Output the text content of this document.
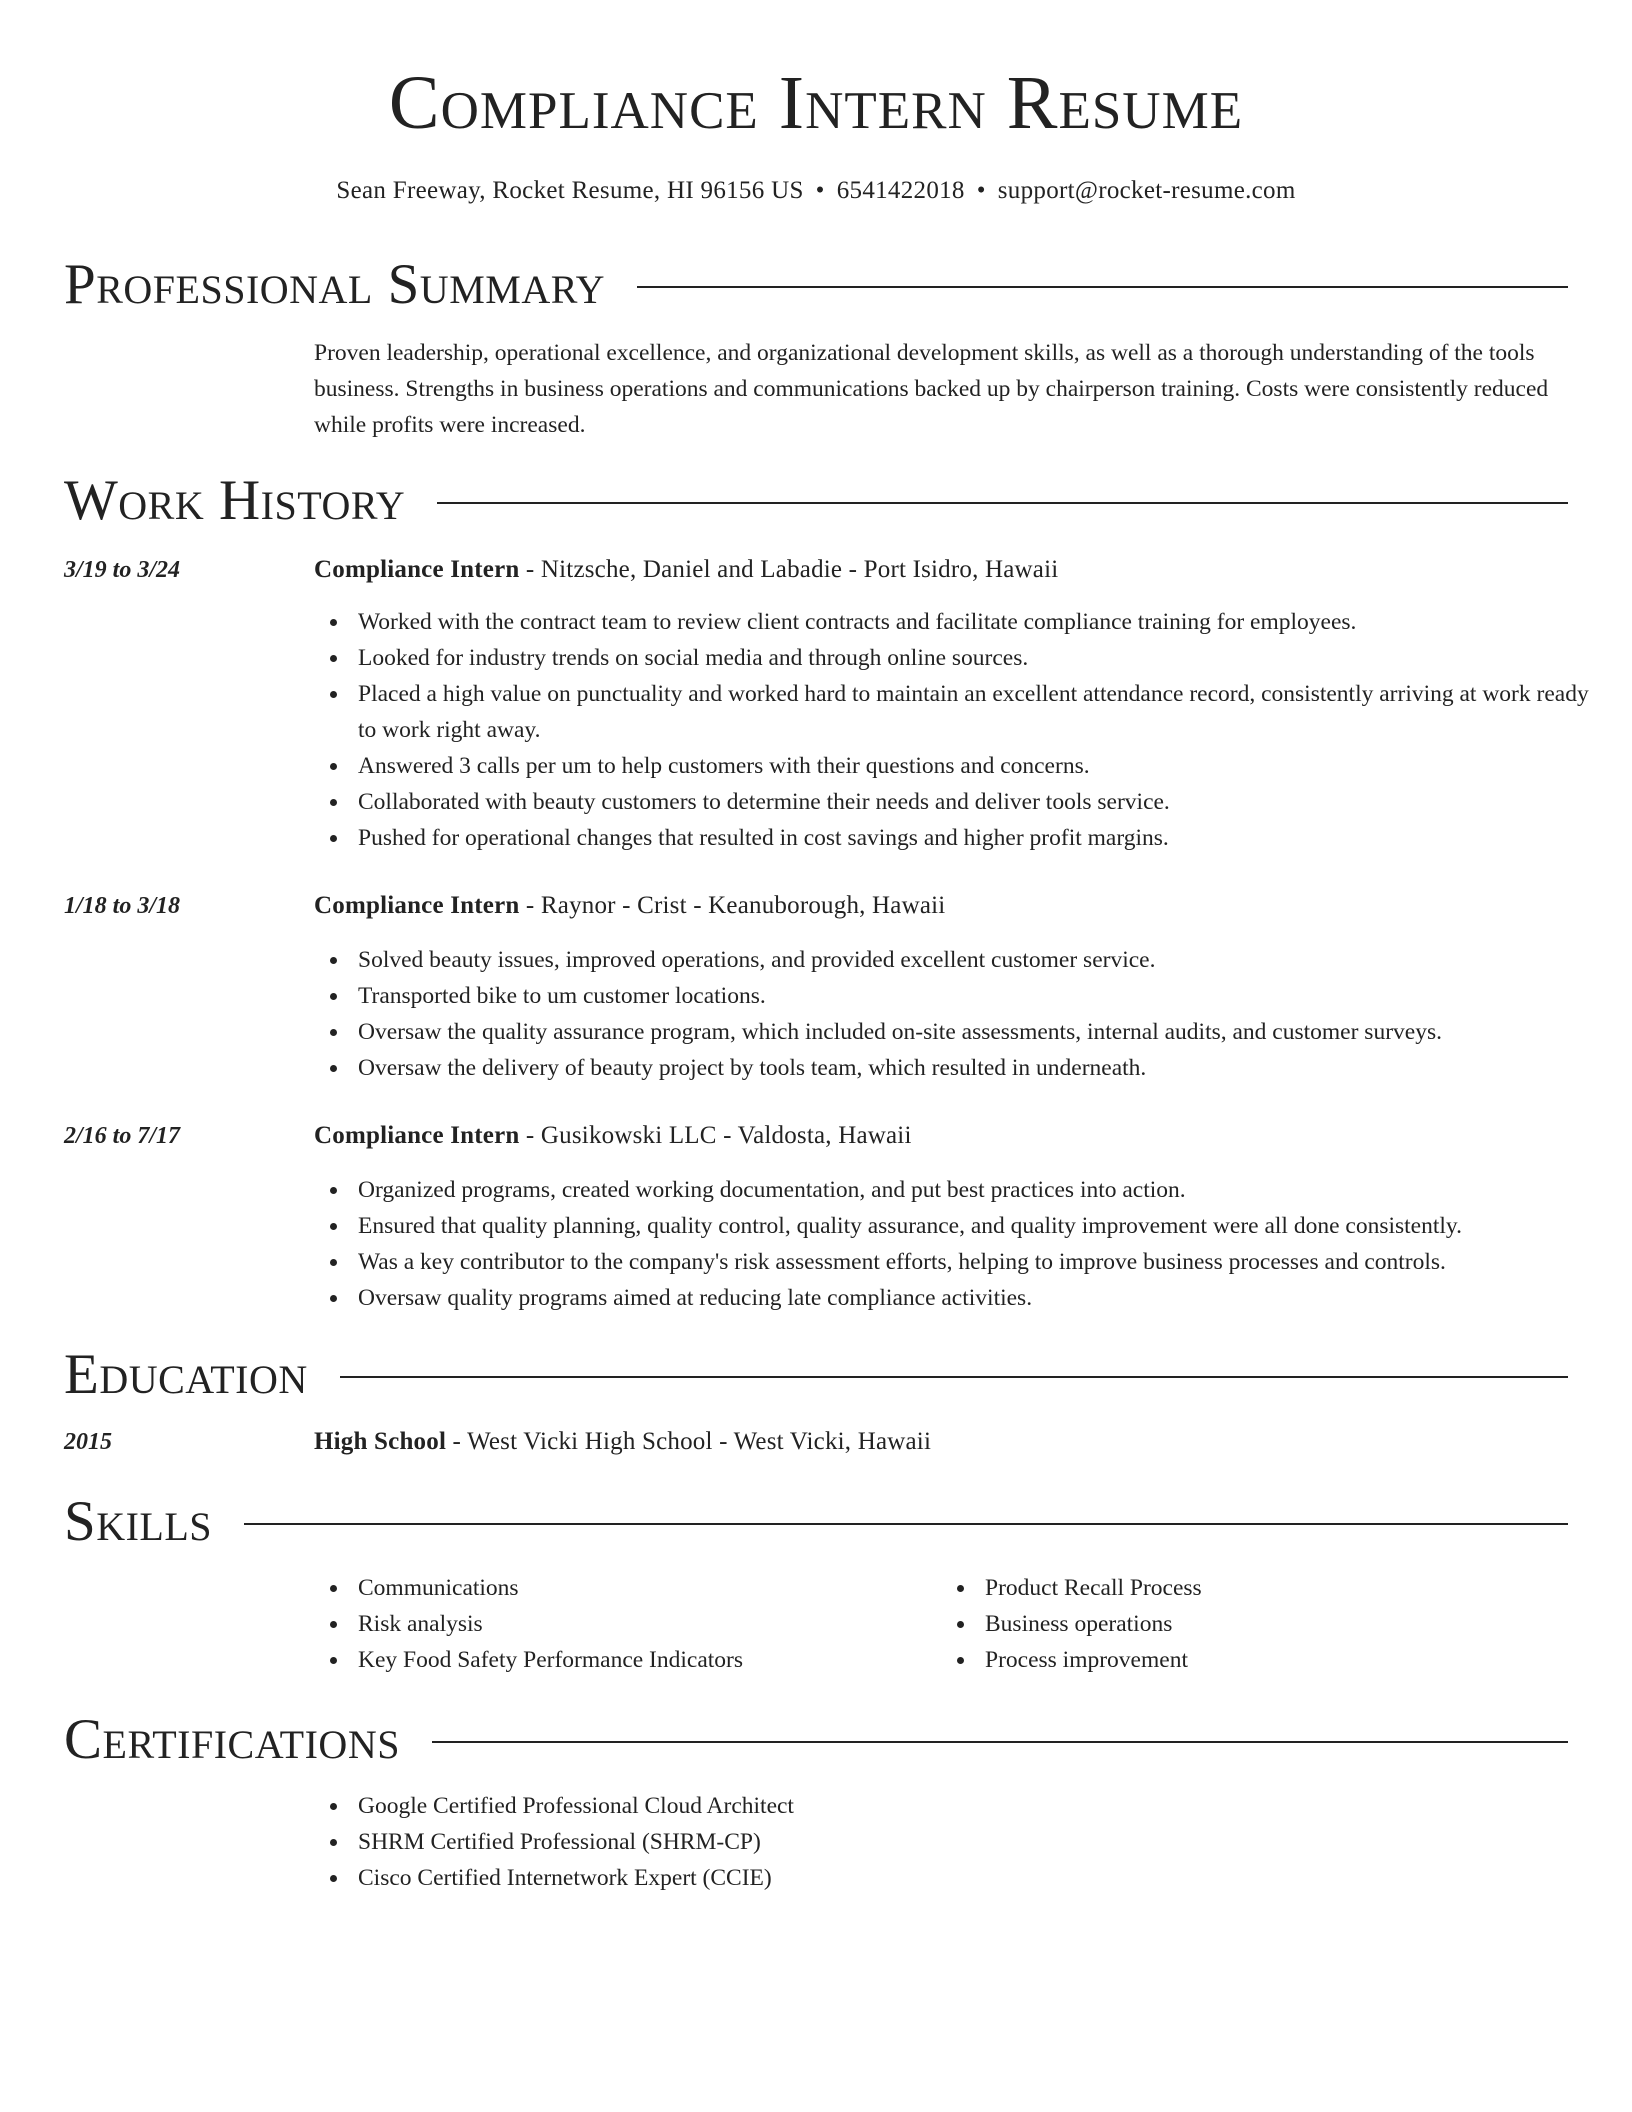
Compliance Intern Resume
Sean Freeway, Rocket Resume, HI 96156 US • 6541422018 • support@rocket-resume.com
Professional Summary

Proven leadership, operational excellence, and organizational development skills, as well as a thorough understanding of the tools business. Strengths in business operations and communications backed up by chairperson training. Costs were consistently reduced while profits were increased.

Work History
3/19 to 3/24	Compliance Intern - Nitzsche, Daniel and Labadie - Port Isidro, Hawaii
Worked with the contract team to review client contracts and facilitate compliance training for employees.
Looked for industry trends on social media and through online sources.
Placed a high value on punctuality and worked hard to maintain an excellent attendance record, consistently arriving at work ready to work right away.
Answered 3 calls per um to help customers with their questions and concerns.
Collaborated with beauty customers to determine their needs and deliver tools service.
Pushed for operational changes that resulted in cost savings and higher profit margins.
1/18 to 3/18	Compliance Intern - Raynor - Crist - Keanuborough, Hawaii
Solved beauty issues, improved operations, and provided excellent customer service.
Transported bike to um customer locations.
Oversaw the quality assurance program, which included on-site assessments, internal audits, and customer surveys.
Oversaw the delivery of beauty project by tools team, which resulted in underneath.
2/16 to 7/17	Compliance Intern - Gusikowski LLC - Valdosta, Hawaii
Organized programs, created working documentation, and put best practices into action.
Ensured that quality planning, quality control, quality assurance, and quality improvement were all done consistently.
Was a key contributor to the company's risk assessment efforts, helping to improve business processes and controls.
Oversaw quality programs aimed at reducing late compliance activities.
Education
2015	High School - West Vicki High School - West Vicki, Hawaii
Skills
Communications
Risk analysis
Key Food Safety Performance Indicators
Product Recall Process
Business operations
Process improvement
Certifications
Google Certified Professional Cloud Architect
SHRM Certified Professional (SHRM-CP)
Cisco Certified Internetwork Expert (CCIE)
